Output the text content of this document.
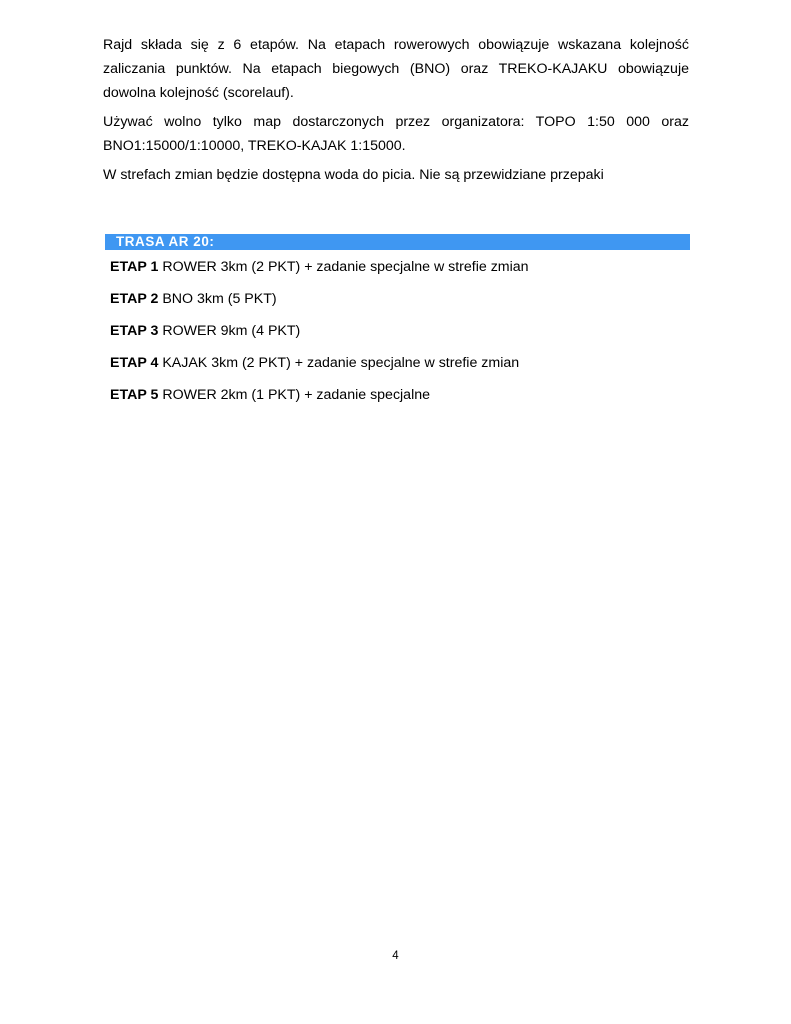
Rajd składa się z 6 etapów. Na etapach rowerowych obowiązuje wskazana kolejność zaliczania punktów. Na etapach biegowych (BNO) oraz TREKO-KAJAKU obowiązuje dowolna kolejność (scorelauf).

Używać wolno tylko map dostarczonych przez organizatora: TOPO 1:50 000 oraz BNO1:15000/1:10000, TREKO-KAJAK 1:15000.

W strefach zmian będzie dostępna woda do picia. Nie są przewidziane przepaki

TRASA AR 20:
ETAP 1 ROWER 3km (2 PKT) + zadanie specjalne w strefie zmian
ETAP 2 BNO 3km (5 PKT)
ETAP 3 ROWER 9km (4 PKT)
ETAP 4 KAJAK 3km (2 PKT) + zadanie specjalne w strefie zmian
ETAP 5 ROWER 2km (1 PKT) + zadanie specjalne
4
